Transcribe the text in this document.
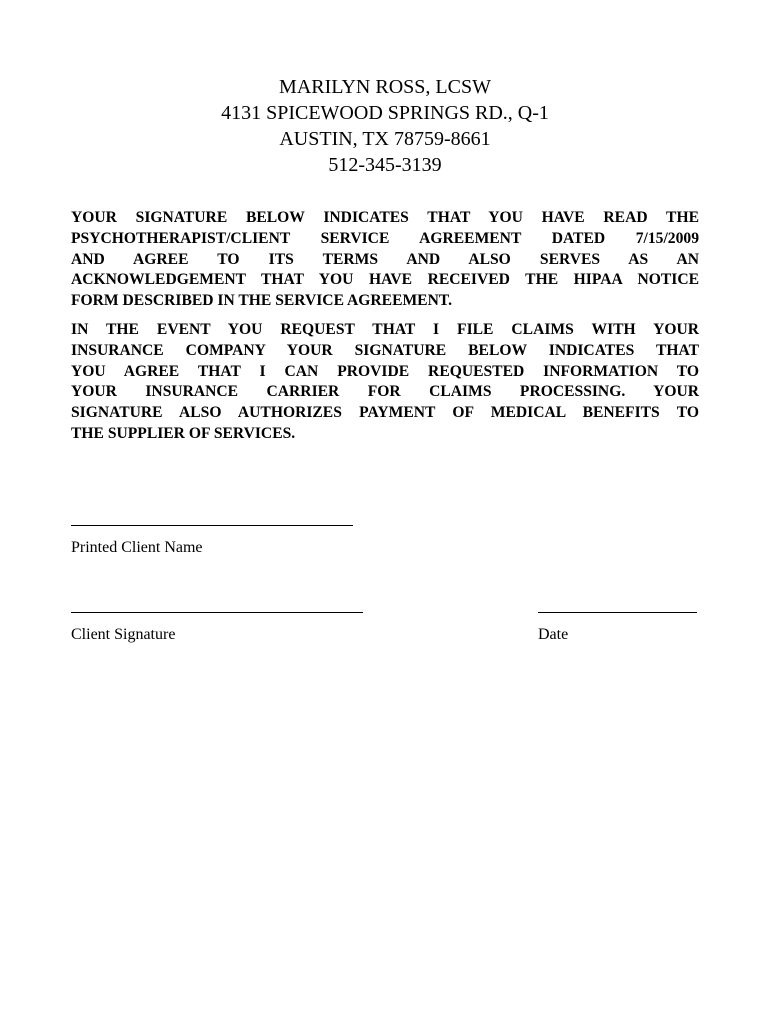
MARILYN ROSS, LCSW
4131 SPICEWOOD SPRINGS RD., Q-1
AUSTIN, TX 78759-8661
512-345-3139

YOUR SIGNATURE BELOW INDICATES THAT YOU HAVE READ THE
PSYCHOTHERAPIST/CLIENT SERVICE AGREEMENT DATED 7/15/2009
AND AGREE TO ITS TERMS AND ALSO SERVES AS AN
ACKNOWLEDGEMENT THAT YOU HAVE RECEIVED THE HIPAA NOTICE
FORM DESCRIBED IN THE SERVICE AGREEMENT.

IN THE EVENT YOU REQUEST THAT I FILE CLAIMS WITH YOUR
INSURANCE COMPANY YOUR SIGNATURE BELOW INDICATES THAT
YOU AGREE THAT I CAN PROVIDE REQUESTED INFORMATION TO
YOUR INSURANCE CARRIER FOR CLAIMS PROCESSING. YOUR
SIGNATURE ALSO AUTHORIZES PAYMENT OF MEDICAL BENEFITS TO
THE SUPPLIER OF SERVICES.

Printed Client Name
Client Signature	Date
